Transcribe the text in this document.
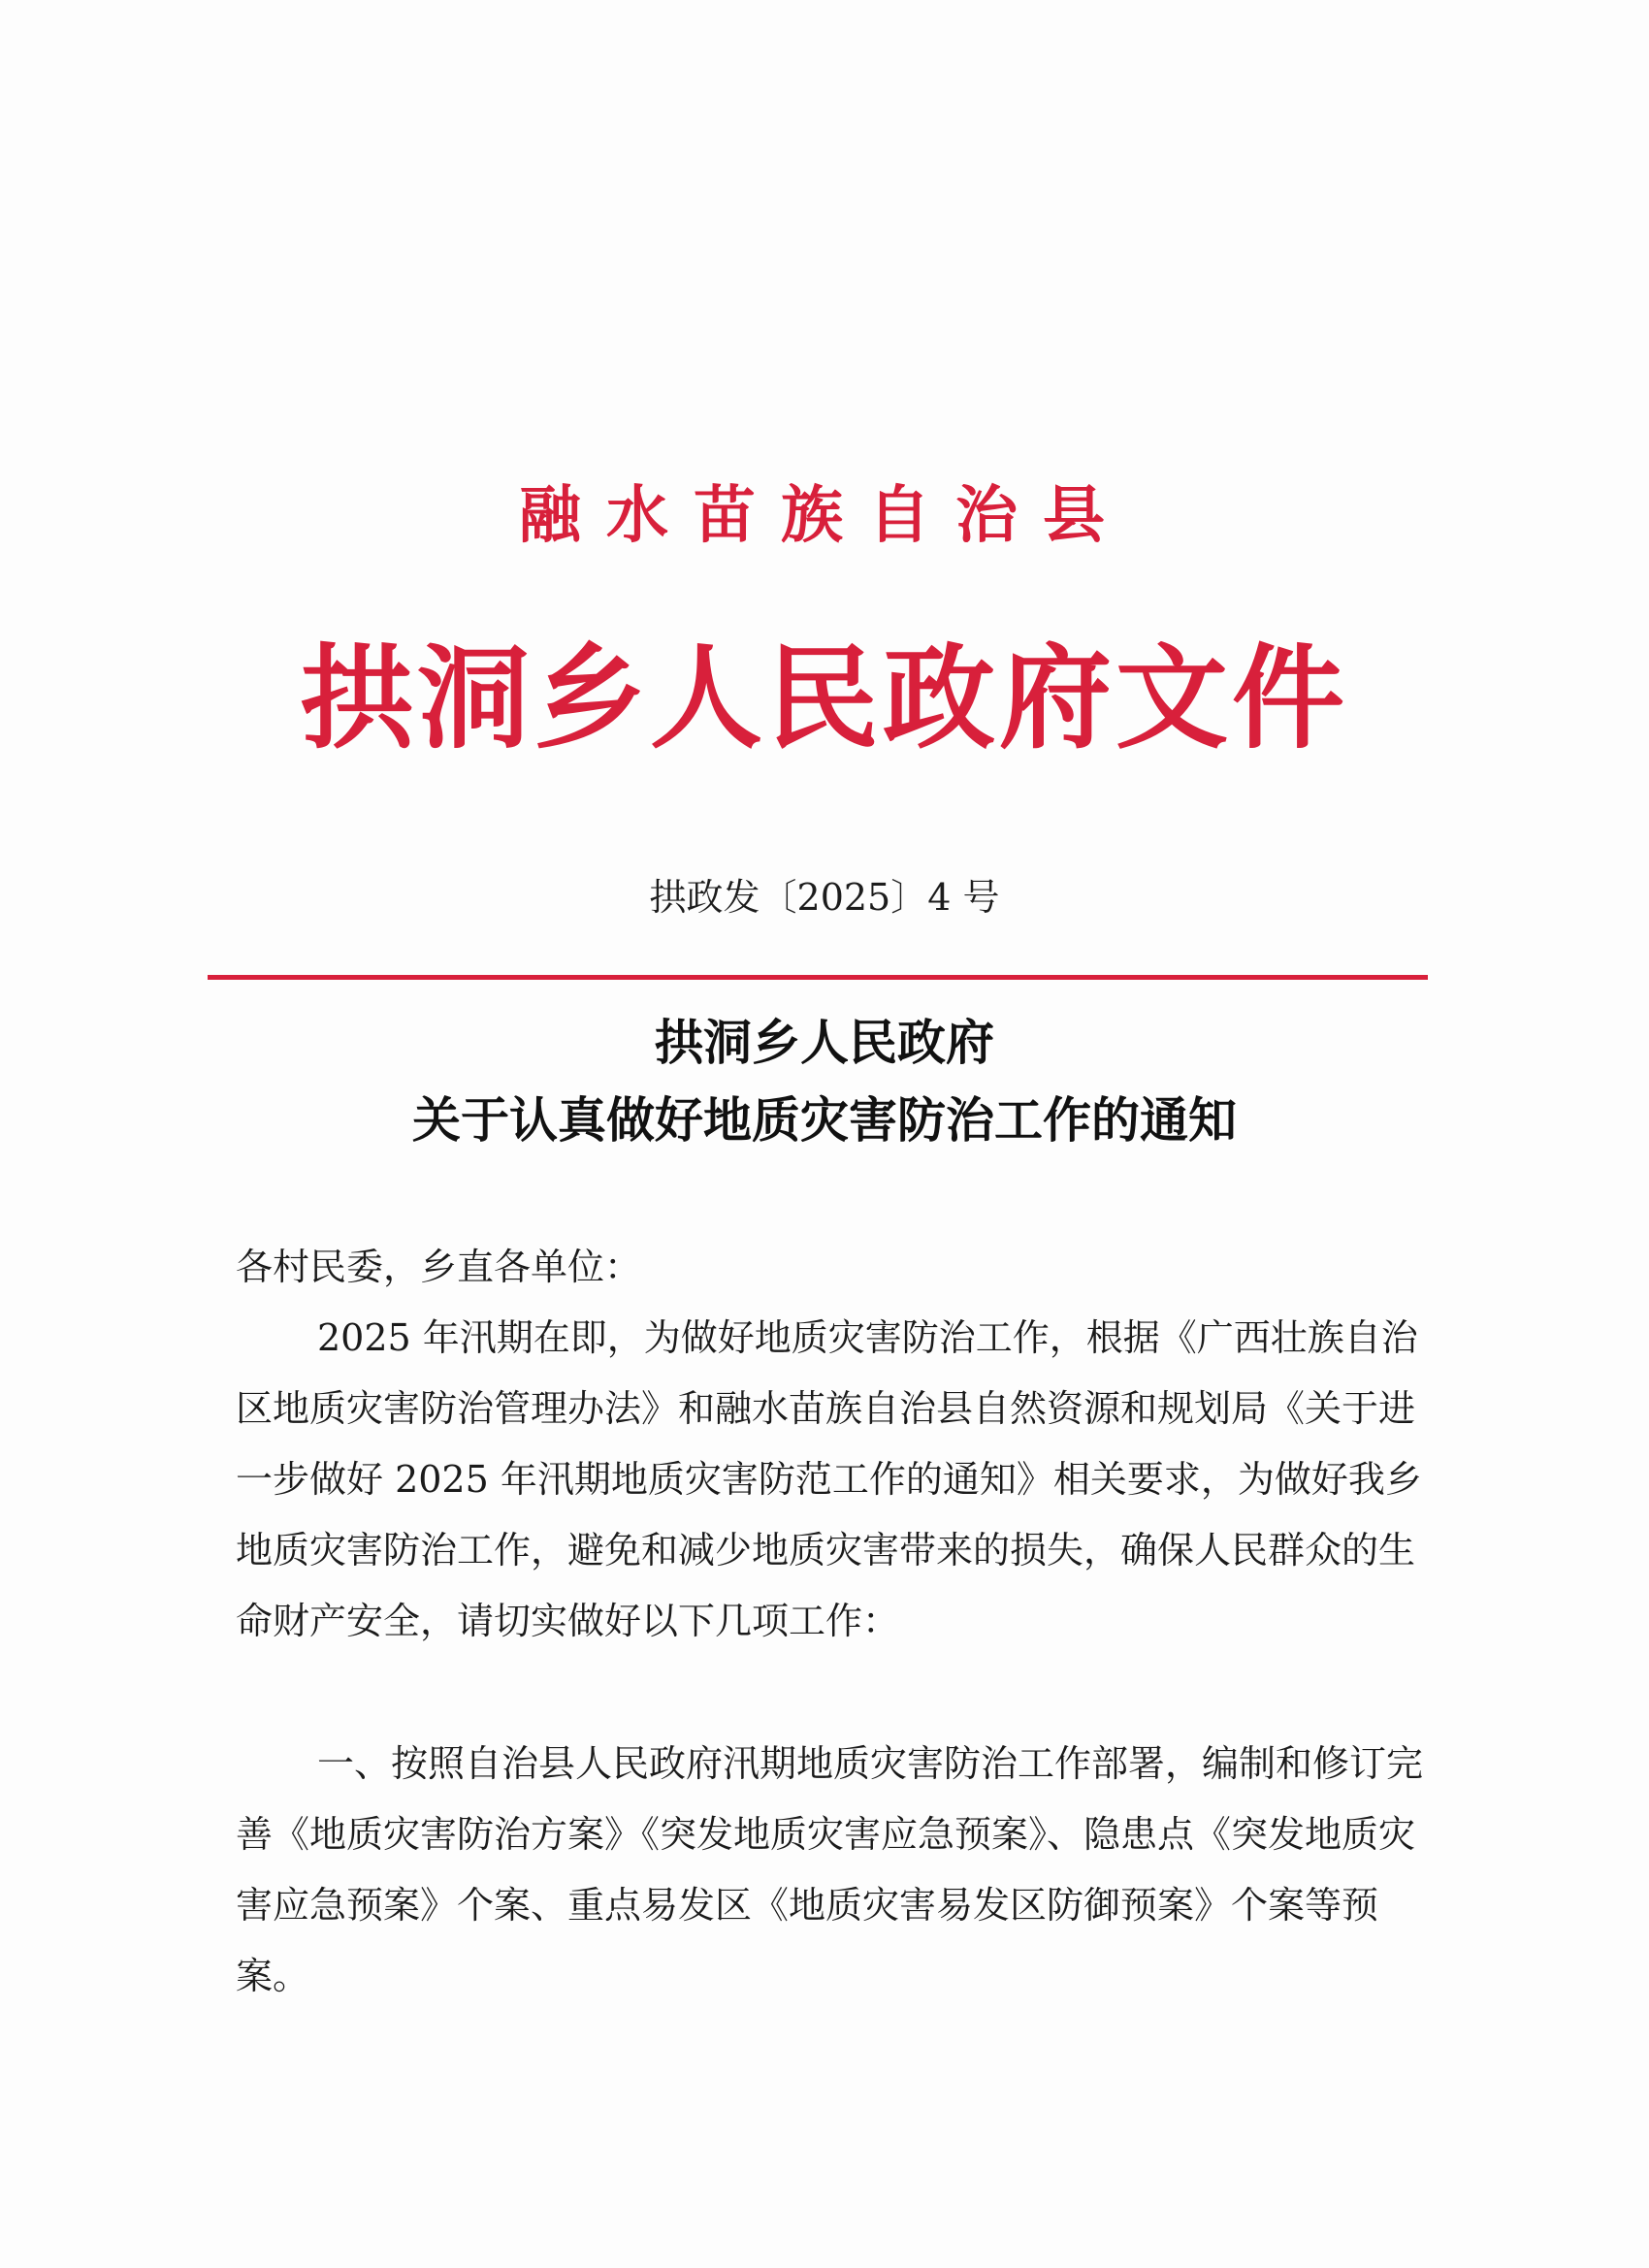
融水苗族自治县
拱洞乡人民政府文件
拱政发〔2025〕4 号
拱洞乡人民政府
关于认真做好地质灾害防治工作的通知
各村民委，乡直各单位：
2025 年汛期在即，为做好地质灾害防治工作，根据《广西壮族自治区地质灾害防治管理办法》和融水苗族自治县自然资源和规划局《关于进一步做好 2025 年汛期地质灾害防范工作的通知》相关要求，为做好我乡地质灾害防治工作，避免和减少地质灾害带来的损失，确保人民群众的生命财产安全，请切实做好以下几项工作：
一、按照自治县人民政府汛期地质灾害防治工作部署，编制和修订完善《地质灾害防治方案》《突发地质灾害应急预案》、隐患点《突发地质灾害应急预案》个案、重点易发区《地质灾害易发区防御预案》个案等预案。
